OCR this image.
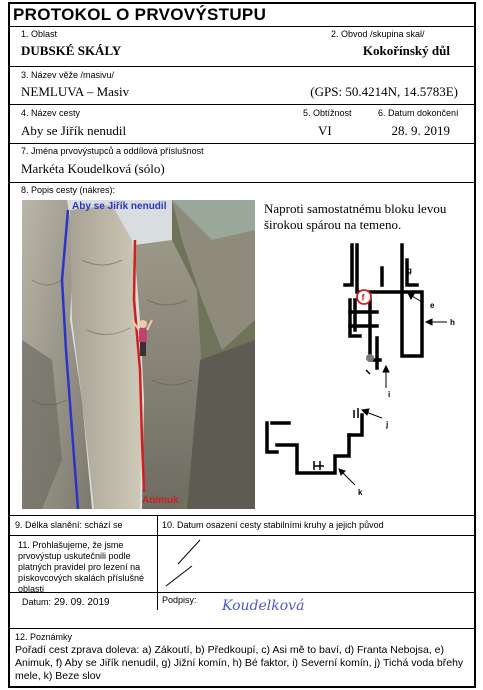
PROTOKOL O PRVOVÝSTUPU
1. Oblast
DUBSKÉ SKÁLY
2. Obvod /skupina skal/
Kokořínský důl
3. Název věže /masivu/
NEMLUVA – Masiv	(GPS: 50.4214N, 14.5783E)
4. Název cesty
Aby se Jiřík nenudil
5. Obtížnost
VI
6. Datum dokončení
28. 9. 2019
7. Jména prvovýstupců a oddílová příslušnost
Markéta Koudelková (sólo)
8. Popis cesty (nákres):
Aby se Jiřík nenudil
Animuk
Naproti samostatnému bloku levou širokou spárou na temeno.
f
g
e
h
i
j
k
9. Délka slanění: schází se	10. Datum osazení cesty stabilními kruhy a jejich původ
11. Prohlašujeme, že jsme prvovýstup uskutečnili podle platných pravidel pro lezení na pískovcových skalách příslušné oblasti
Datum: 29. 09. 2019	Podpisy: Koudelková
12. Poznámky
Pořadí cest zprava doleva: a) Zákoutí, b) Předkoupí, c) Asi mě to baví, d) Franta Nebojsa, e) Animuk, f) Aby se Jiřík nenudil, g) Jižní komín, h) Bé faktor, i) Severní komín, j) Tichá voda břehy mele, k) Beze slov
